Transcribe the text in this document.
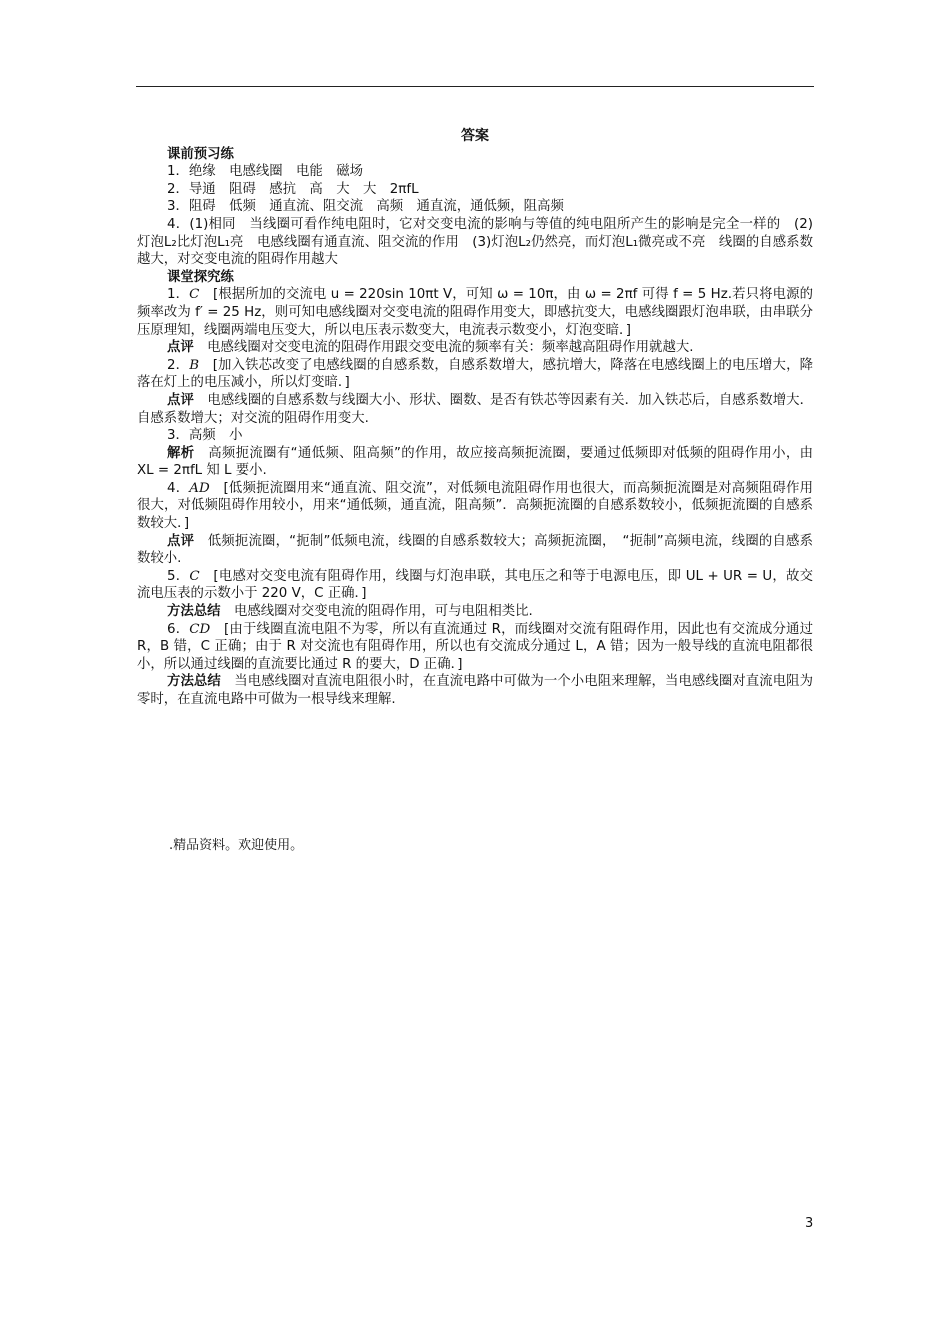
答案
课前预习练
1．绝缘　电感线圈　电能　磁场
2．导通　阻碍　感抗　高　大　大　2πfL
3．阻碍　低频　通直流、阻交流　高频　通直流，通低频，阻高频
4．(1)相同　当线圈可看作纯电阻时，它对交变电流的影响与等值的纯电阻所产生的影响是完全一样的　(2)灯泡L₂比灯泡L₁亮　电感线圈有通直流、阻交流的作用　(3)灯泡L₂仍然亮，而灯泡L₁微亮或不亮　线圈的自感系数越大，对交变电流的阻碍作用越大
课堂探究练
1．C　[根据所加的交流电 u = 220sin 10πt V，可知 ω = 10π，由 ω = 2πf 可得 f = 5 Hz.若只将电源的频率改为 f′ = 25 Hz，则可知电感线圈对交变电流的阻碍作用变大，即感抗变大，电感线圈跟灯泡串联，由串联分压原理知，线圈两端电压变大，所以电压表示数变大，电流表示数变小，灯泡变暗．]
点评　电感线圈对交变电流的阻碍作用跟交变电流的频率有关：频率越高阻碍作用就越大.
2．B　[加入铁芯改变了电感线圈的自感系数，自感系数增大，感抗增大，降落在电感线圈上的电压增大，降落在灯上的电压减小，所以灯变暗．]
点评　电感线圈的自感系数与线圈大小、形状、圈数、是否有铁芯等因素有关．加入铁芯后，自感系数增大．自感系数增大；对交流的阻碍作用变大.
3．高频　小
解析　高频扼流圈有“通低频、阻高频”的作用，故应接高频扼流圈，要通过低频即对低频的阻碍作用小，由 XL = 2πfL 知 L 要小.
4．AD　[低频扼流圈用来“通直流、阻交流”，对低频电流阻碍作用也很大，而高频扼流圈是对高频阻碍作用很大，对低频阻碍作用较小，用来“通低频，通直流，阻高频”．高频扼流圈的自感系数较小，低频扼流圈的自感系数较大．]
点评　低频扼流圈，“扼制”低频电流，线圈的自感系数较大；高频扼流圈，　“扼制”高频电流，线圈的自感系数较小.
5．C　[电感对交变电流有阻碍作用，线圈与灯泡串联，其电压之和等于电源电压，即 UL + UR = U，故交流电压表的示数小于 220 V，C 正确．]
方法总结　电感线圈对交变电流的阻碍作用，可与电阻相类比.
6．CD　[由于线圈直流电阻不为零，所以有直流通过 R，而线圈对交流有阻碍作用，因此也有交流成分通过 R，B 错，C 正确；由于 R 对交流也有阻碍作用，所以也有交流成分通过 L，A 错；因为一般导线的直流电阻都很小，所以通过线圈的直流要比通过 R 的要大，D 正确．]
方法总结　当电感线圈对直流电阻很小时，在直流电路中可做为一个小电阻来理解，当电感线圈对直流电阻为零时，在直流电路中可做为一根导线来理解.
.精品资料。欢迎使用。
3
